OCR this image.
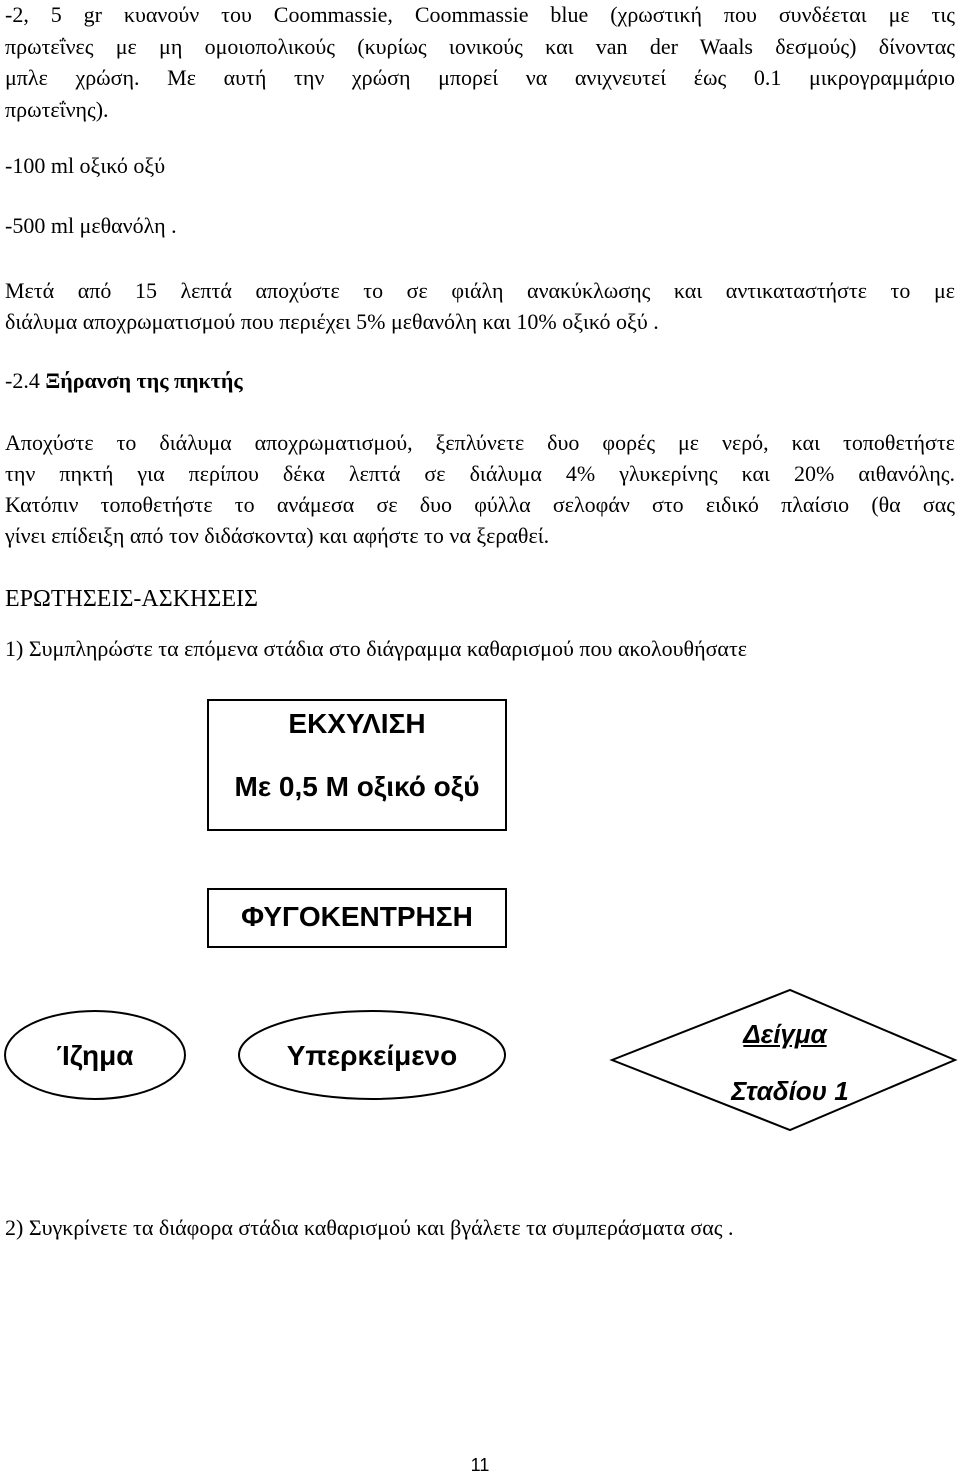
-2, 5 gr κυανούν του Coommassie, Coommassie blue (χρωστική που συνδέεται με τις
πρωτεΐνες με μη ομοιοπολικούς (κυρίως ιονικούς και van der Waals δεσμούς) δίνοντας
μπλε χρώση. Με αυτή την χρώση μπορεί να ανιχνευτεί έως 0.1 μικρογραμμάριο
πρωτεΐνης).
-100 ml οξικό οξύ
-500 ml μεθανόλη .
Μετά από 15 λεπτά αποχύστε το σε φιάλη ανακύκλωσης και αντικαταστήστε το με
διάλυμα αποχρωματισμού που περιέχει 5% μεθανόλη και 10% οξικό οξύ .
-2.4 Ξήρανση της πηκτής
Αποχύστε το διάλυμα αποχρωματισμού, ξεπλύνετε δυο φορές με νερό, και τοποθετήστε
την πηκτή για περίπου δέκα λεπτά σε διάλυμα 4% γλυκερίνης και 20% αιθανόλης.
Κατόπιν τοποθετήστε το ανάμεσα σε δυο φύλλα σελοφάν στο ειδικό πλαίσιο (θα σας
γίνει επίδειξη από τον διδάσκοντα) και αφήστε το να ξεραθεί.
ΕΡΩΤΗΣΕΙΣ-ΑΣΚΗΣΕΙΣ
1) Συμπληρώστε τα επόμενα στάδια στο διάγραμμα καθαρισμού που ακολουθήσατε
ΕΚΧΥΛΙΣΗ
Με 0,5 Μ οξικό οξύ
ΦΥΓΟΚΕΝΤΡΗΣΗ
Ίζημα	Υπερκείμενο
Δείγμα
Σταδίου 1
2) Συγκρίνετε τα διάφορα στάδια καθαρισμού και βγάλετε τα συμπεράσματα σας .
11
